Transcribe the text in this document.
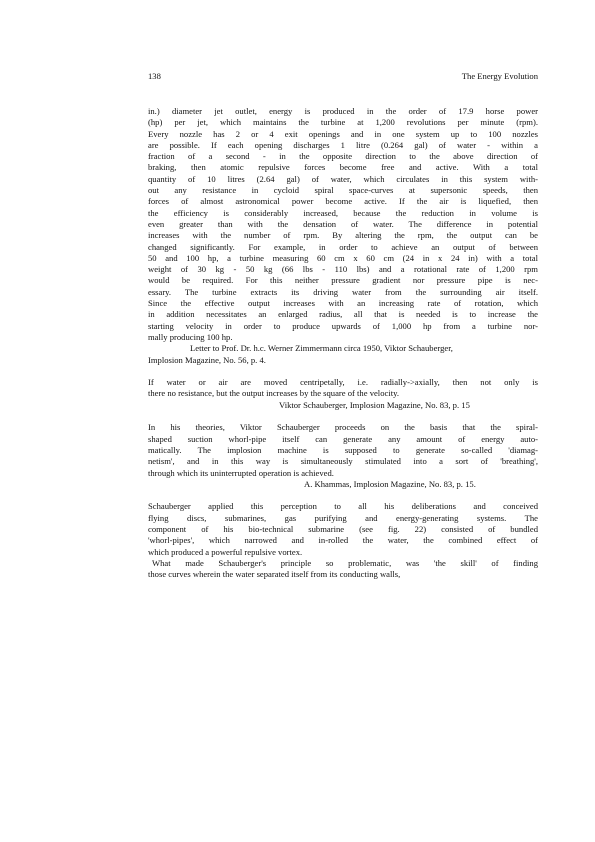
138	The Energy Evolution
in.) diameter jet outlet, energy is produced in the order of 17.9 horse power
(hp) per jet, which maintains the turbine at 1,200 revolutions per minute (rpm).
Every nozzle has 2 or 4 exit openings and in one system up to 100 nozzles
are possible. If each opening discharges 1 litre (0.264 gal) of water - within a
fraction of a second - in the opposite direction to the above direction of
braking, then atomic repulsive forces become free and active. With a total
quantity of 10 litres (2.64 gal) of water, which circulates in this system with-
out any resistance in cycloid spiral space-curves at supersonic speeds, then
forces of almost astronomical power become active. If the air is liquefied, then
the efficiency is considerably increased, because the reduction in volume is
even greater than with the densation of water. The difference in potential
increases with the number of rpm. By altering the rpm, the output can be
changed significantly. For example, in order to achieve an output of between
50 and 100 hp, a turbine measuring 60 cm x 60 cm (24 in x 24 in) with a total
weight of 30 kg - 50 kg (66 lbs - 110 lbs) and a rotational rate of 1,200 rpm
would be required. For this neither pressure gradient nor pressure pipe is nec-
essary. The turbine extracts its driving water from the surrounding air itself.
Since the effective output increases with an increasing rate of rotation, which
in addition necessitates an enlarged radius, all that is needed is to increase the
starting velocity in order to produce upwards of 1,000 hp from a turbine nor-
mally producing 100 hp.
Letter to Prof. Dr. h.c. Werner Zimmermann circa 1950, Viktor Schauberger,
Implosion Magazine, No. 56, p. 4.
If water or air are moved centripetally, i.e. radially->axially, then not only is
there no resistance, but the output increases by the square of the velocity.
Viktor Schauberger, Implosion Magazine, No. 83, p. 15
In his theories, Viktor Schauberger proceeds on the basis that the spiral-
shaped suction whorl-pipe itself can generate any amount of energy auto-
matically. The implosion machine is supposed to generate so-called 'diamag-
netism', and in this way is simultaneously stimulated into a sort of 'breathing',
through which its uninterrupted operation is achieved.
A. Khammas, Implosion Magazine, No. 83, p. 15.
Schauberger applied this perception to all his deliberations and conceived
flying discs, submarines, gas purifying and energy-generating systems. The
component of his bio-technical submarine (see fig. 22) consisted of bundled
'whorl-pipes', which narrowed and in-rolled the water, the combined effect of
which produced a powerful repulsive vortex.
What made Schauberger's principle so problematic, was 'the skill' of finding
those curves wherein the water separated itself from its conducting walls,
